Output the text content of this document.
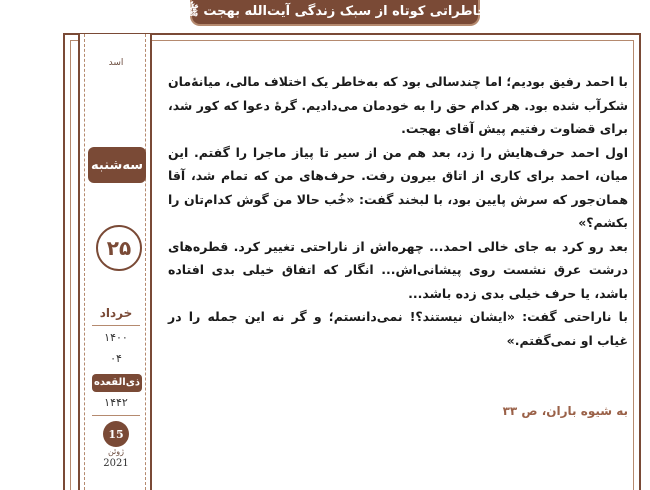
خاطراتی کوتاه از سبک زندگی آیت‌الله بهجت ﷺ
اسد
سه‌شنبه
۲۵
خرداد
۱۴۰۰
۰۴
ذی‌القعده
۱۴۴۲
15
ژوئن
2021

با احمد رفیق بودیم؛ اما چندسالی بود که به‌خاطر یک اختلاف مالی، میانهٔ‌مان شکرآب شده بود. هر کدام حق را به خودمان می‌دادیم. گرهٔ دعوا که کور شد، برای قضاوت رفتیم پیش آقای بهجت.

اول احمد حرف‌هایش را زد، بعد هم من از سیر تا پیاز ماجرا را گفتم. این میان، احمد برای کاری از اتاق بیرون رفت. حرف‌های من که تمام شد، آقا همان‌جور که سرش پایین بود، با لبخند گفت: «خُب حالا من گوش کدام‌تان را بکشم؟»

بعد رو کرد به جای خالی احمد... چهره‌اش از ناراحتی تغییر کرد. قطره‌های درشت عرق نشست روی پیشانی‌اش... انگار که اتفاق خیلی بدی افتاده باشد، یا حرف خیلی بدی زده باشد...

با ناراحتی گفت: «ایشان نیستند؟! نمی‌دانستم؛ و گر نه این جمله را در غیاب او نمی‌گفتم.»

به شیوه باران، ص ۳۳
